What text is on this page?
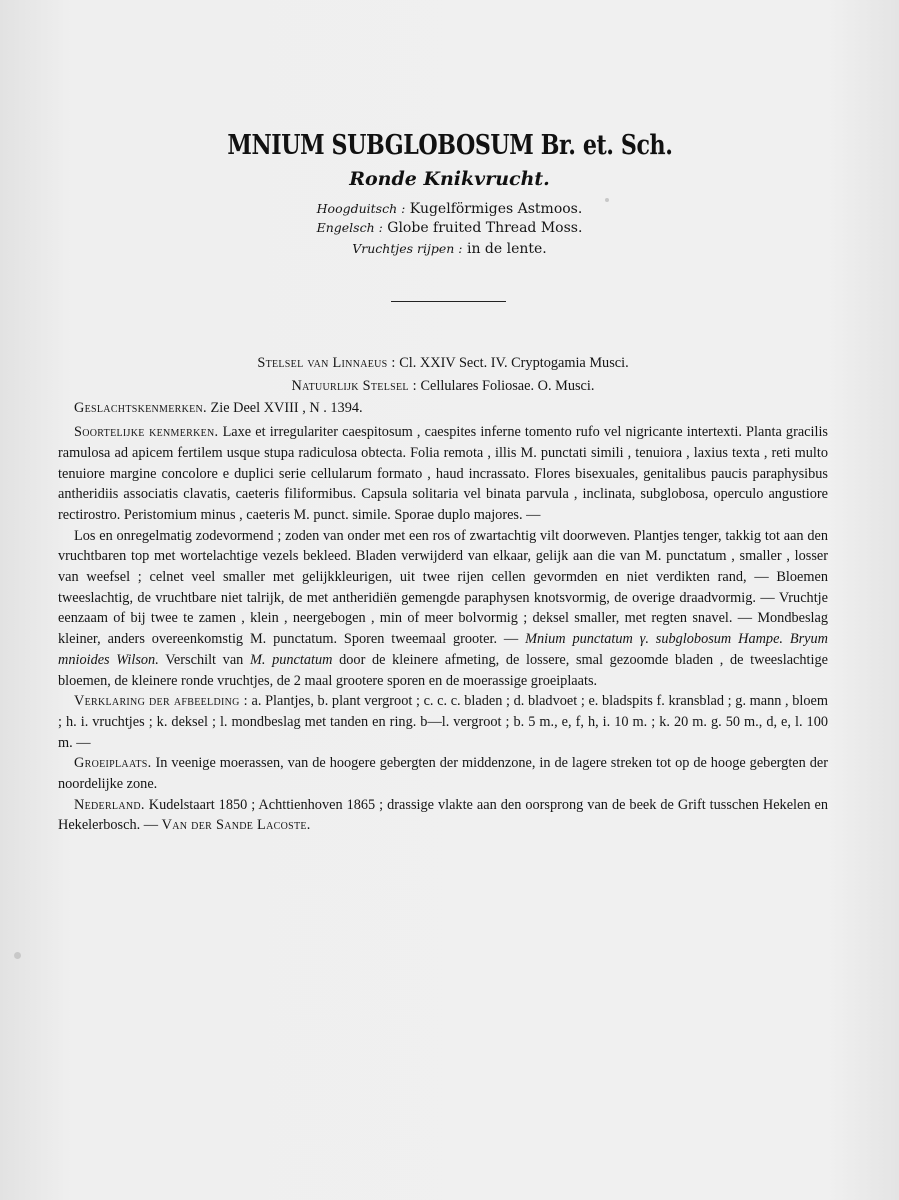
MNIUM SUBGLOBOSUM Br. et. Sch.
Ronde Knikvrucht.
Hoogduitsch : Kugelförmiges Astmoos.
Engelsch : Globe fruited Thread Moss.
Vruchtjes rijpen : in de lente.

Stelsel van Linnaeus : Cl. XXIV Sect. IV. Cryptogamia Musci.

Natuurlijk Stelsel : Cellulares Foliosae. O. Musci.

Geslachtskenmerken. Zie Deel XVIII , N . 1394.

Soortelijke kenmerken. Laxe et irregulariter caespitosum , caespites inferne tomento rufo vel nigricante intertexti. Planta gracilis ramulosa ad apicem fertilem usque stupa radiculosa obtecta. Folia remota , illis M. punctati simili , tenuiora , laxius texta , reti multo tenuiore margine concolore e duplici serie cellularum formato , haud incrassato. Flores bisexuales, genitalibus paucis paraphysibus antheridiis associatis clavatis, caeteris filiformibus. Capsula solitaria vel binata parvula , inclinata, subglobosa, operculo angustiore rectirostro. Peristomium minus , caeteris M. punct. simile. Sporae duplo majores. —

Los en onregelmatig zodevormend ; zoden van onder met een ros of zwartachtig vilt doorweven. Plantjes tenger, takkig tot aan den vruchtbaren top met wortelachtige vezels bekleed. Bladen verwijderd van elkaar, gelijk aan die van M. punctatum , smaller , losser van weefsel ; celnet veel smaller met gelijkkleurigen, uit twee rijen cellen gevormden en niet verdikten rand, — Bloemen tweeslachtig, de vruchtbare niet talrijk, de met antheridiën gemengde paraphysen knotsvormig, de overige draadvormig. — Vruchtje eenzaam of bij twee te zamen , klein , neergebogen , min of meer bolvormig ; deksel smaller, met regten snavel. — Mondbeslag kleiner, anders overeenkomstig M. punctatum. Sporen tweemaal grooter. — Mnium punctatum γ. subglobosum Hampe. Bryum mnioides Wilson. Verschilt van M. punctatum door de kleinere afmeting, de lossere, smal gezoomde bladen , de tweeslachtige bloemen, de kleinere ronde vruchtjes, de 2 maal grootere sporen en de moerassige groeiplaats.

Verklaring der afbeelding : a. Plantjes, b. plant vergroot ; c. c. c. bladen ; d. bladvoet ; e. bladspits f. kransblad ; g. mann , bloem ; h. i. vruchtjes ; k. deksel ; l. mondbeslag met tanden en ring. b—l. vergroot ; b. 5 m., e, f, h, i. 10 m. ; k. 20 m. g. 50 m., d, e, l. 100 m. —

Groeiplaats. In veenige moerassen, van de hoogere gebergten der middenzone, in de lagere streken tot op de hooge gebergten der noordelijke zone.

Nederland. Kudelstaart 1850 ; Achttienhoven 1865 ; drassige vlakte aan den oorsprong van de beek de Grift tusschen Hekelen en Hekelerbosch. — Van der Sande Lacoste.
